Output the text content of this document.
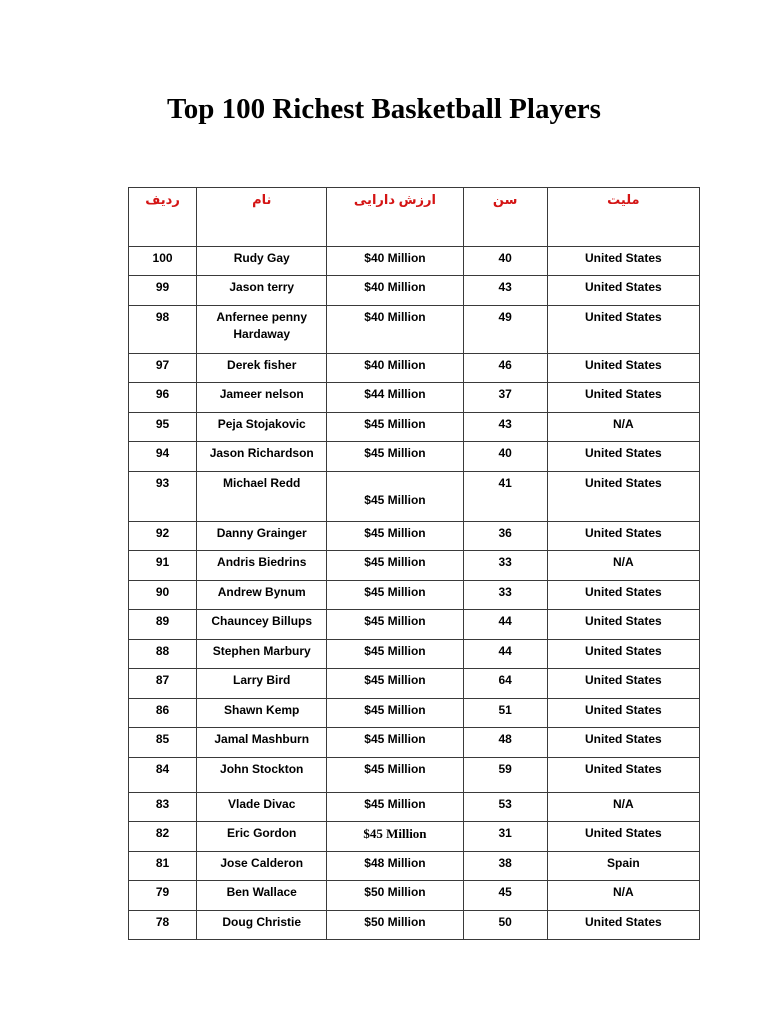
Top 100 Richest Basketball Players
ردیف	نام	ارزش دارایی	سن	ملیت
100	Rudy Gay	$40 Million	40	United States
99	Jason terry	$40 Million	43	United States
98	Anfernee penny Hardaway	$40 Million	49	United States
97	Derek fisher	$40 Million	46	United States
96	Jameer nelson	$44 Million	37	United States
95	Peja Stojakovic	$45 Million	43	N/A
94	Jason Richardson	$45 Million	40	United States
93	Michael Redd	$45 Million	41	United States
92	Danny Grainger	$45 Million	36	United States
91	Andris Biedrins	$45 Million	33	N/A
90	Andrew Bynum	$45 Million	33	United States
89	Chauncey Billups	$45 Million	44	United States
88	Stephen Marbury	$45 Million	44	United States
87	Larry Bird	$45 Million	64	United States
86	Shawn Kemp	$45 Million	51	United States
85	Jamal Mashburn	$45 Million	48	United States
84	John Stockton	$45 Million	59	United States
83	Vlade Divac	$45 Million	53	N/A
82	Eric Gordon	$45 Million	31	United States
81	Jose Calderon	$48 Million	38	Spain
79	Ben Wallace	$50 Million	45	N/A
78	Doug Christie	$50 Million	50	United States
